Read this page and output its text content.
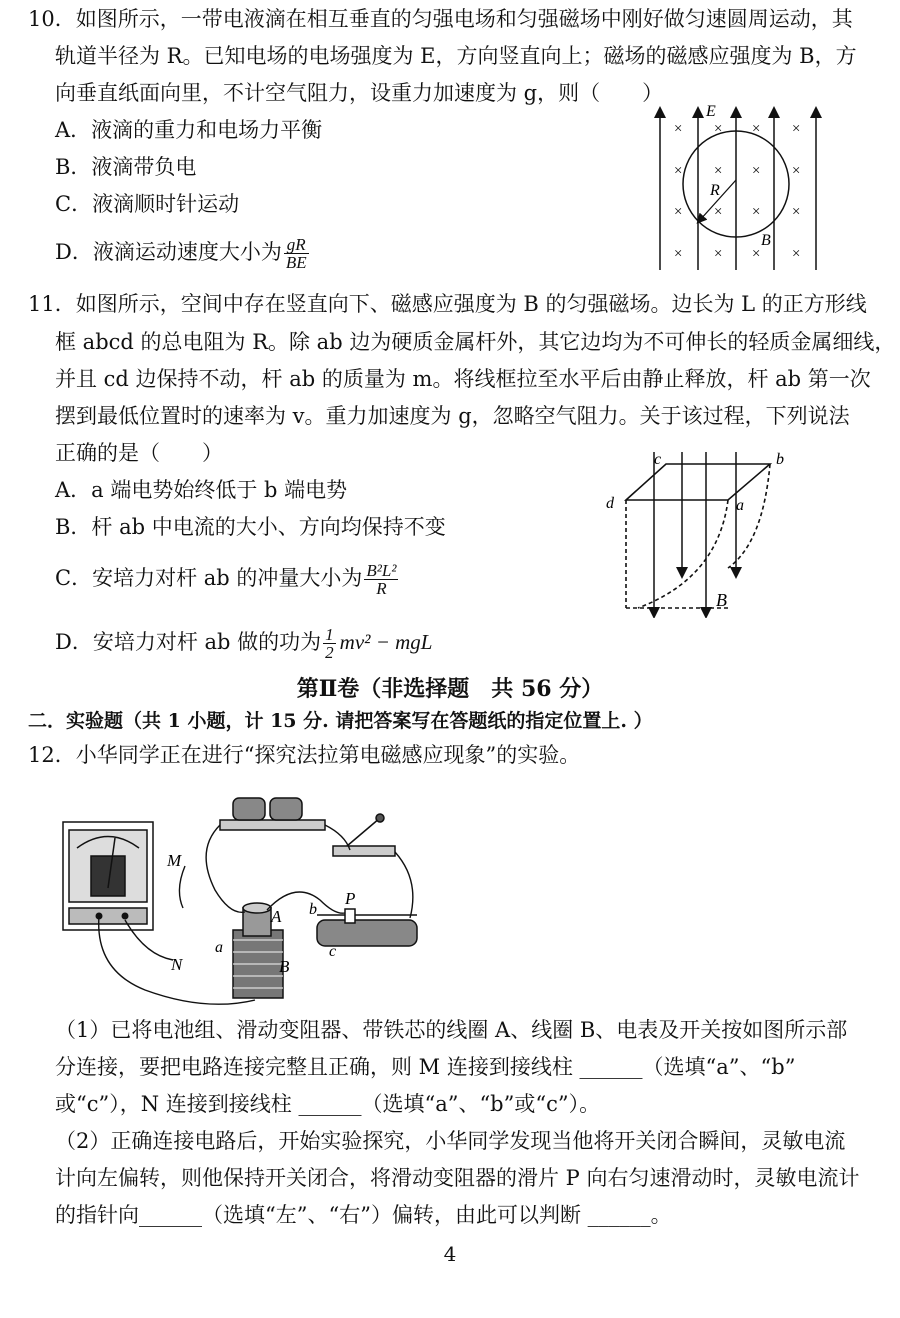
10．如图所示，一带电液滴在相互垂直的匀强电场和匀强磁场中刚好做匀速圆周运动，其
轨道半径为 R。已知电场的电场强度为 E，方向竖直向上；磁场的磁感应强度为 B，方
向垂直纸面向里，不计空气阻力，设重力加速度为 g，则（　　）
A．液滴的重力和电场力平衡
B．液滴带负电
C．液滴顺时针运动
D．液滴运动速度大小为 $\frac{gR}{BE}$
× × × ×
× × × ×
× × × ×
× × × ×
E
R
B
11．如图所示，空间中存在竖直向下、磁感应强度为 B 的匀强磁场。边长为 L 的正方形线
框 abcd 的总电阻为 R。除 ab 边为硬质金属杆外，其它边均为不可伸长的轻质金属细线，
并且 cd 边保持不动，杆 ab 的质量为 m。将线框拉至水平后由静止释放，杆 ab 第一次
摆到最低位置时的速率为 v。重力加速度为 g，忽略空气阻力。关于该过程，下列说法
正确的是（　　）
A．a 端电势始终低于 b 端电势
B．杆 ab 中电流的大小、方向均保持不变
C．安培力对杆 ab 的冲量大小为 $\frac{\text{B²L²}}{R}$
D．安培力对杆 ab 做的功为 $\frac{1}{2} mv^2$ − mgL
c	b
d	a
B
第Ⅱ卷（非选择题　共 56 分）
二．实验题（共 1 小题，计 15 分. 请把答案写在答题纸的指定位置上. ）
12．小华同学正在进行“探究法拉第电磁感应现象”的实验。
M
N
A
B
a
b
c
P
（1）已将电池组、滑动变阻器、带铁芯的线圈 A、线圈 B、电表及开关按如图所示部
分连接，要把电路连接完整且正确，则 M 连接到接线柱 ______（选填“a”、“b”
或“c”），N 连接到接线柱 ______（选填“a”、“b”或“c”）。
（2）正确连接电路后，开始实验探究，小华同学发现当他将开关闭合瞬间，灵敏电流
计向左偏转，则他保持开关闭合，将滑动变阻器的滑片 P 向右匀速滑动时，灵敏电流计
的指针向______（选填“左”、“右”）偏转，由此可以判断 ______。
4
